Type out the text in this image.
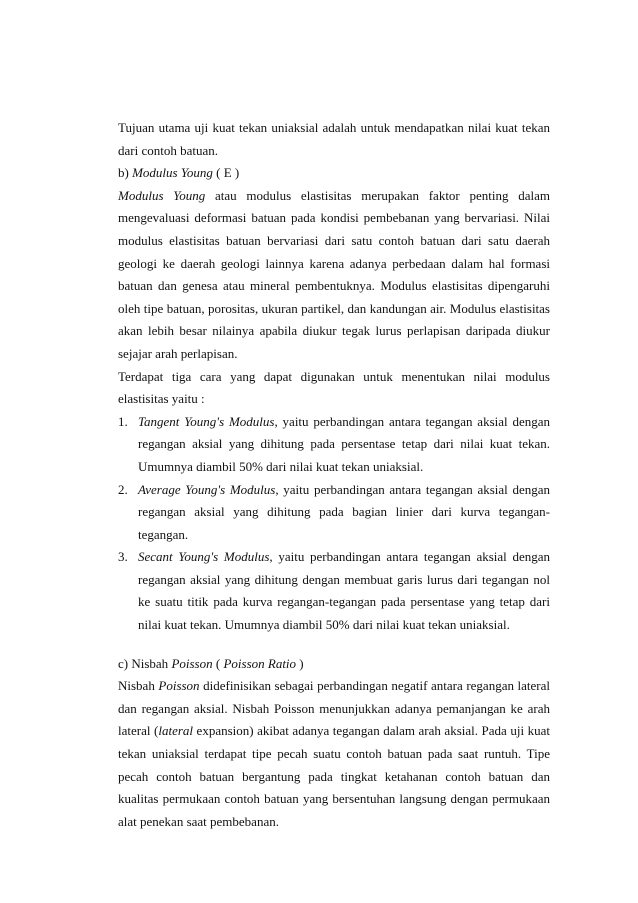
Tujuan utama uji kuat tekan uniaksial adalah untuk mendapatkan nilai kuat tekan dari contoh batuan.

b) Modulus Young ( E )

Modulus Young atau modulus elastisitas merupakan faktor penting dalam mengevaluasi deformasi batuan pada kondisi pembebanan yang bervariasi. Nilai modulus elastisitas batuan bervariasi dari satu contoh batuan dari satu daerah geologi ke daerah geologi lainnya karena adanya perbedaan dalam hal formasi batuan dan genesa atau mineral pembentuknya. Modulus elastisitas dipengaruhi oleh tipe batuan, porositas, ukuran partikel, dan kandungan air. Modulus elastisitas akan lebih besar nilainya apabila diukur tegak lurus perlapisan daripada diukur sejajar arah perlapisan.

Terdapat tiga cara yang dapat digunakan untuk menentukan nilai modulus elastisitas yaitu :

1. Tangent Young's Modulus, yaitu perbandingan antara tegangan aksial dengan regangan aksial yang dihitung pada persentase tetap dari nilai kuat tekan. Umumnya diambil 50% dari nilai kuat tekan uniaksial.
2. Average Young's Modulus, yaitu perbandingan antara tegangan aksial dengan regangan aksial yang dihitung pada bagian linier dari kurva tegangan- tegangan.
3. Secant Young's Modulus, yaitu perbandingan antara tegangan aksial dengan regangan aksial yang dihitung dengan membuat garis lurus dari tegangan nol ke suatu titik pada kurva regangan-tegangan pada persentase yang tetap dari nilai kuat tekan. Umumnya diambil 50% dari nilai kuat tekan uniaksial.

c) Nisbah Poisson ( Poisson Ratio )

Nisbah Poisson didefinisikan sebagai perbandingan negatif antara regangan lateral dan regangan aksial. Nisbah Poisson menunjukkan adanya pemanjangan ke arah lateral (lateral expansion) akibat adanya tegangan dalam arah aksial. Pada uji kuat tekan uniaksial terdapat tipe pecah suatu contoh batuan pada saat runtuh. Tipe pecah contoh batuan bergantung pada tingkat ketahanan contoh batuan dan kualitas permukaan contoh batuan yang bersentuhan langsung dengan permukaan alat penekan saat pembebanan.
